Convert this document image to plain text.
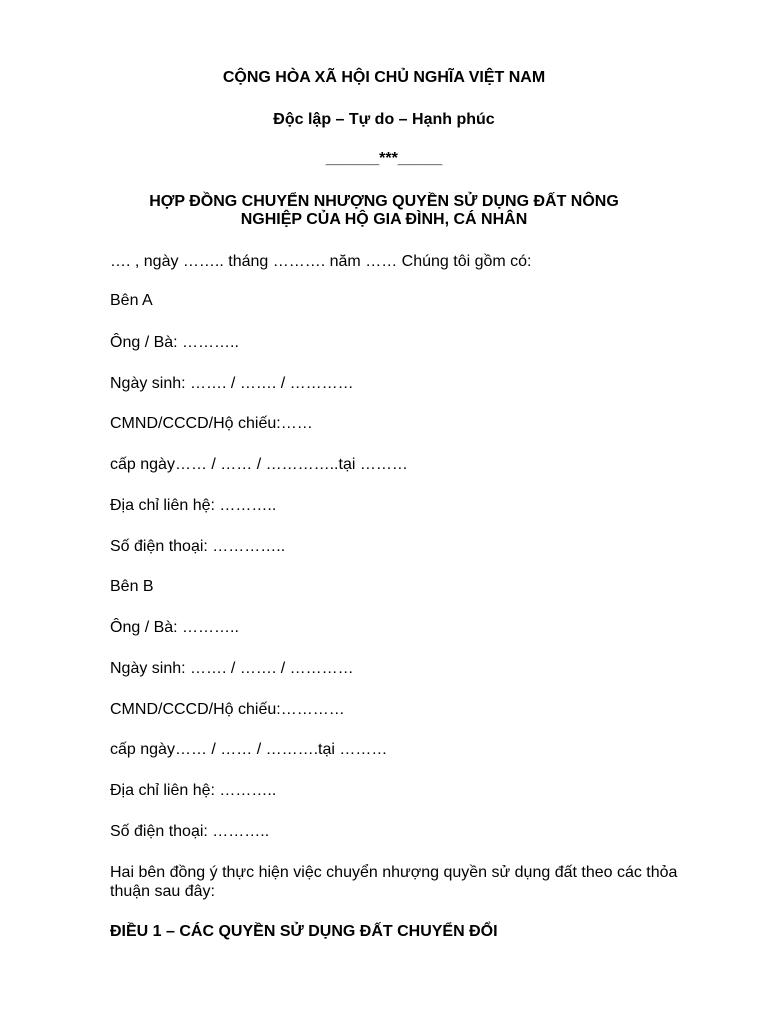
CỘNG HÒA XÃ HỘI CHỦ NGHĨA VIỆT NAM
Độc lập – Tự do – Hạnh phúc
______***_____
HỢP ĐỒNG CHUYỂN NHƯỢNG QUYỀN SỬ DỤNG ĐẤT NÔNG
NGHIỆP CỦA HỘ GIA ĐÌNH, CÁ NHÂN
…. , ngày …….. tháng ………. năm …… Chúng tôi gồm có:
Bên A
Ông / Bà: ………..
Ngày sinh: ……. / ……. / …………
CMND/CCCD/Hộ chiếu:……
cấp ngày…… / …… / …………..tại ………
Địa chỉ liên hệ: ………..
Số điện thoại: …………..
Bên B
Ông / Bà: ………..
Ngày sinh: ……. / ……. / …………
CMND/CCCD/Hộ chiếu:…………
cấp ngày…… / …… / ……….tại ………
Địa chỉ liên hệ: ………..
Số điện thoại: ………..
Hai bên đồng ý thực hiện việc chuyển nhượng quyền sử dụng đất theo các thỏa thuận sau đây:
ĐIỀU 1 – CÁC QUYỀN SỬ DỤNG ĐẤT CHUYỂN ĐỔI
